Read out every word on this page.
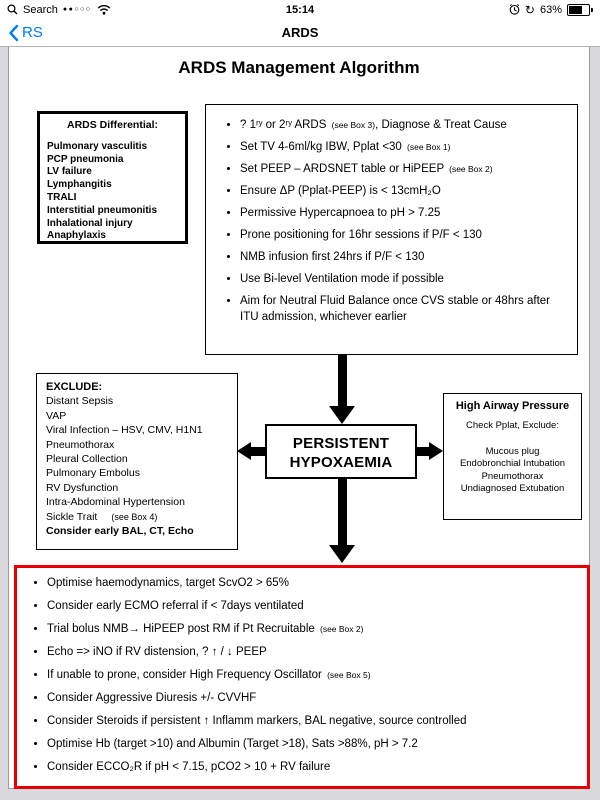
Search ●●○○○	15:14	↻ 63%
RS	ARDS
ARDS Management Algorithm
ARDS Differential:
Pulmonary vasculitis
PCP pneumonia
LV failure
Lymphangitis
TRALI
Interstitial pneumonitis
Inhalational injury
Anaphylaxis
• ? 1ʳʸ or 2ʳʸ ARDS (see Box 3), Diagnose & Treat Cause
• Set TV 4-6ml/kg IBW, Pplat <30 (see Box 1)
• Set PEEP – ARDSNET table or HiPEEP (see Box 2)
• Ensure ΔP (Pplat-PEEP) is < 13cmH₂O
• Permissive Hypercapnoea to pH > 7.25
• Prone positioning for 16hr sessions if P/F < 130
• NMB infusion first 24hrs if P/F < 130
• Use Bi-level Ventilation mode if possible
• Aim for Neutral Fluid Balance once CVS stable or 48hrs after ITU admission, whichever earlier
EXCLUDE:
Distant Sepsis
VAP
Viral Infection – HSV, CMV, H1N1
Pneumothorax
Pleural Collection
Pulmonary Embolus
RV Dysfunction
Intra-Abdominal Hypertension
Sickle Trait (see Box 4)
Consider early BAL, CT, Echo
PERSISTENT HYPOXAEMIA
High Airway Pressure
Check Pplat, Exclude:
Mucous plug
Endobronchial Intubation
Pneumothorax
Undiagnosed Extubation
• Optimise haemodynamics, target ScvO2 > 65%
• Consider early ECMO referral if < 7days ventilated
• Trial bolus NMB→ HiPEEP post RM if Pt Recruitable (see Box 2)
• Echo => iNO if RV distension, ? ↑ / ↓ PEEP
• If unable to prone, consider High Frequency Oscillator (see Box 5)
• Consider Aggressive Diuresis +/- CVVHF
• Consider Steroids if persistent ↑ Inflamm markers, BAL negative, source controlled
• Optimise Hb (target >10) and Albumin (Target >18), Sats >88%, pH > 7.2
• Consider ECCO₂R if pH < 7.15, pCO2 > 10 + RV failure
